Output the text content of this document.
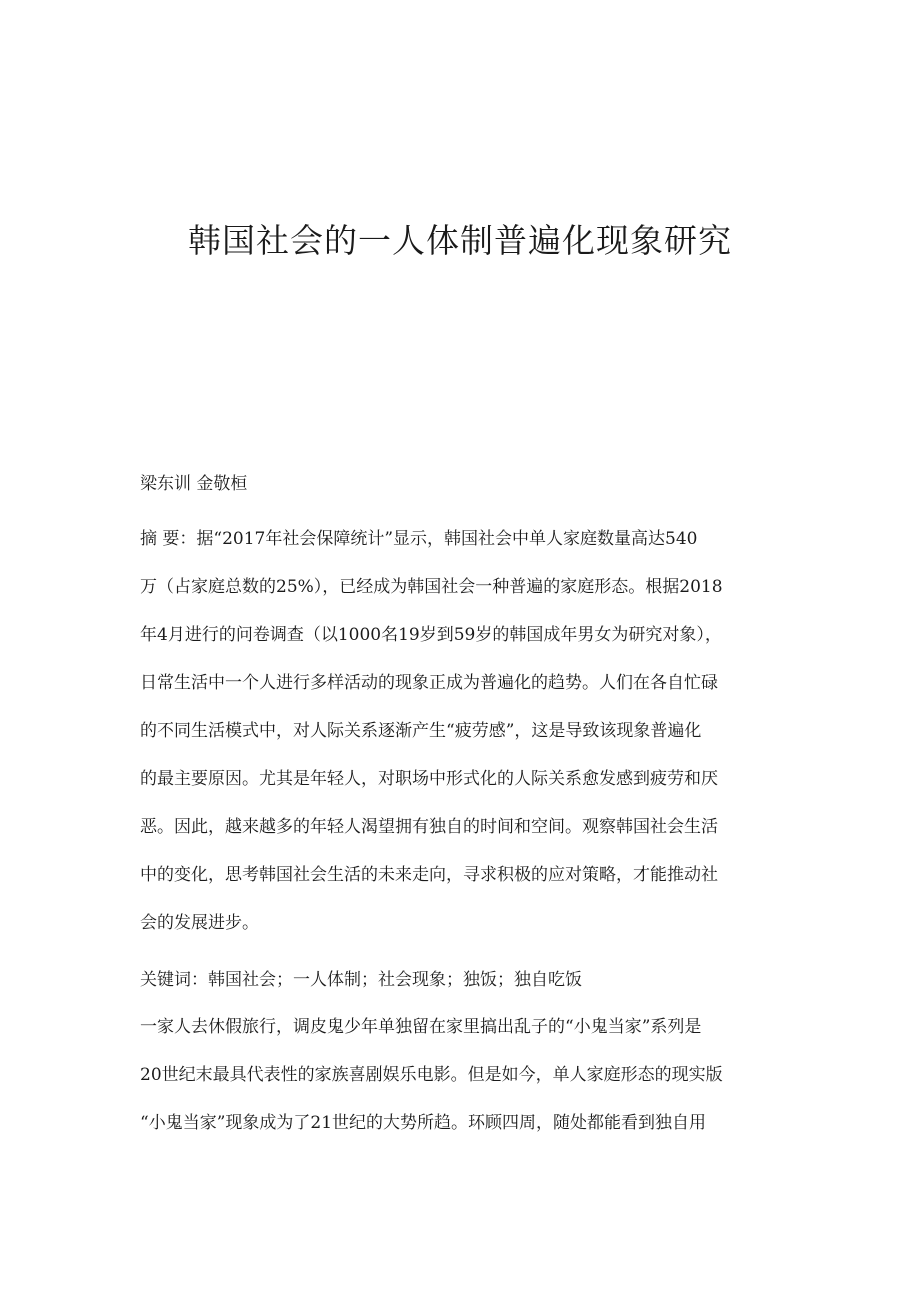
韩国社会的一人体制普遍化现象研究

梁东训 金敬桓

摘 要：据“2017年社会保障统计”显示，韩国社会中单人家庭数量高达540
万（占家庭总数的25%），已经成为韩国社会一种普遍的家庭形态。根据2018
年4月进行的问卷调查（以1000名19岁到59岁的韩国成年男女为研究对象），
日常生活中一个人进行多样活动的现象正成为普遍化的趋势。人们在各自忙碌
的不同生活模式中，对人际关系逐渐产生“疲劳感”，这是导致该现象普遍化
的最主要原因。尤其是年轻人，对职场中形式化的人际关系愈发感到疲劳和厌
恶。因此，越来越多的年轻人渴望拥有独自的时间和空间。观察韩国社会生活
中的变化，思考韩国社会生活的未来走向，寻求积极的应对策略，才能推动社
会的发展进步。
关键词：韩国社会；一人体制；社会现象；独饭；独自吃饭
一家人去休假旅行，调皮鬼少年单独留在家里搞出乱子的“小鬼当家”系列是
20世纪末最具代表性的家族喜剧娱乐电影。但是如今，单人家庭形态的现实版
“小鬼当家”现象成为了21世纪的大势所趋。环顾四周，随处都能看到独自用
